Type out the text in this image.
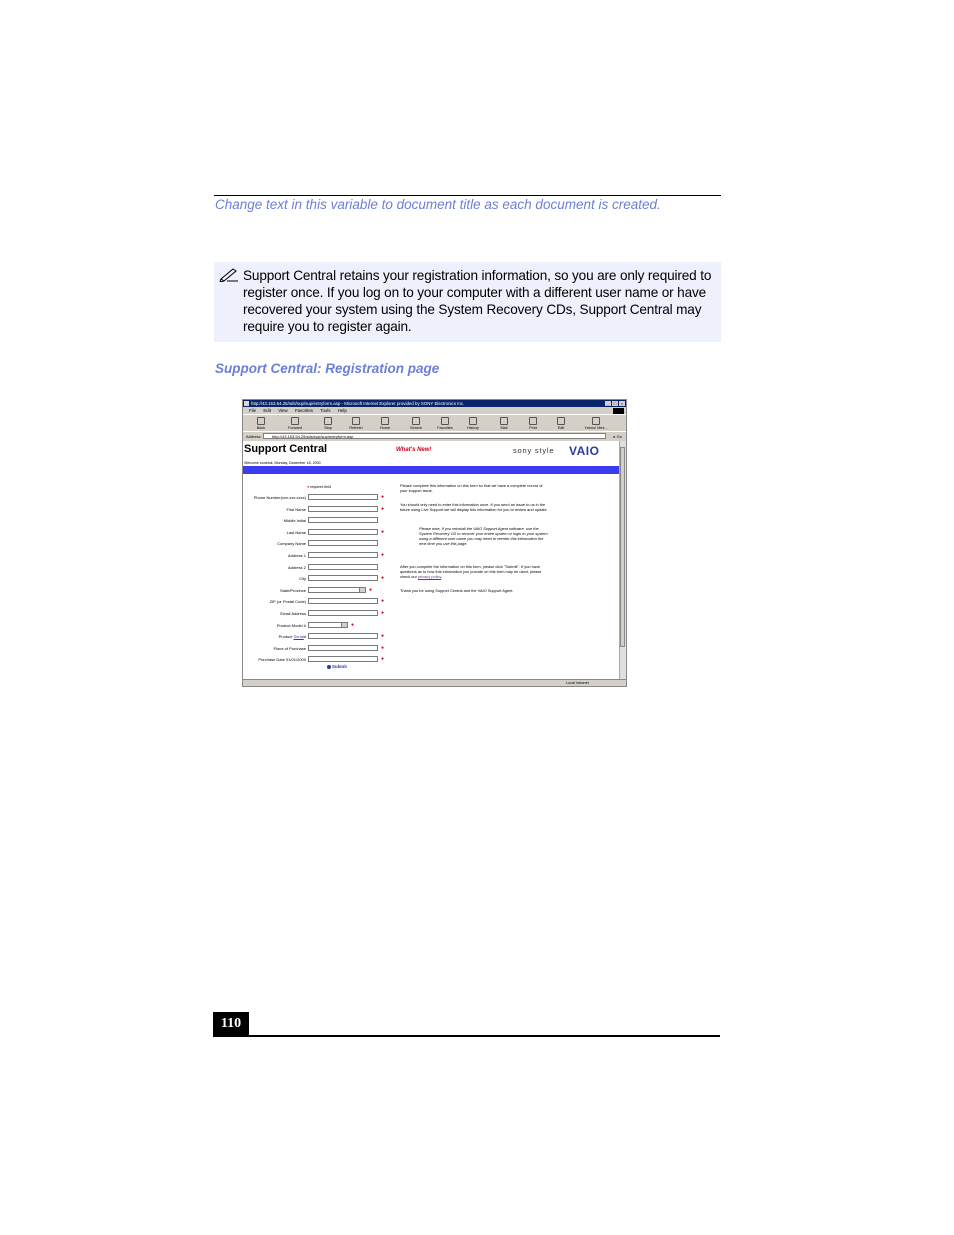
Change text in this variable to document title as each document is created.
Support Central retains your registration information, so you are only required to register once. If you log on to your computer with a different user name or have recovered your system using the System Recovery CDs, Support Central may require you to register again.
Support Central: Registration page
http://43.153.54.25/sds/sup/sup/entryform.asp - Microsoft Internet Explorer provided by SONY Electronics Inc.	_	□	×
File Edit View Favorites Tools Help
Back	Forward	Stop	Refresh	Home	Search	Favorites	History	Mail	Print	Edit	Yahoo! Mes...
Address	http://43.153.54.25/sds/sup/sup/entryform.asp	▸ Go
Support Central	What's New!	sony style VAIO
Welcome sonetuk, Monday, December 18, 2000
● required field
Phone Number(xxx-xxx-xxxx)	●
First Name	●
Middle Initial
Last Name	●
Company Name
Address 1	●
Address 2
City	●
State/Province	●
ZIP (or Postal Code)	●
Email Address	●
Product Model #	●
Product Serial#	●
Place of Purchase	●
Purchase Date 01/01/2000	●
Submit
Please complete this information on this form so that we have a complete record of your support issue.
You should only need to enter this information once. If you send an issue to us in the future using Live Support we will display this information for you to review and update.
Please note, if you reinstall the VAIO Support Agent software, use the System Recovery CD to recover your entire system or login to your system using a different user name you may need to reenter this information the next time you use this page.
After you complete the information on this form, please click "Submit". If you have questions as to how this information you provide on this form may be used, please check our privacy policy.
Thank you for using Support Central and the VAIO Support Agent.
Local intranet
110
